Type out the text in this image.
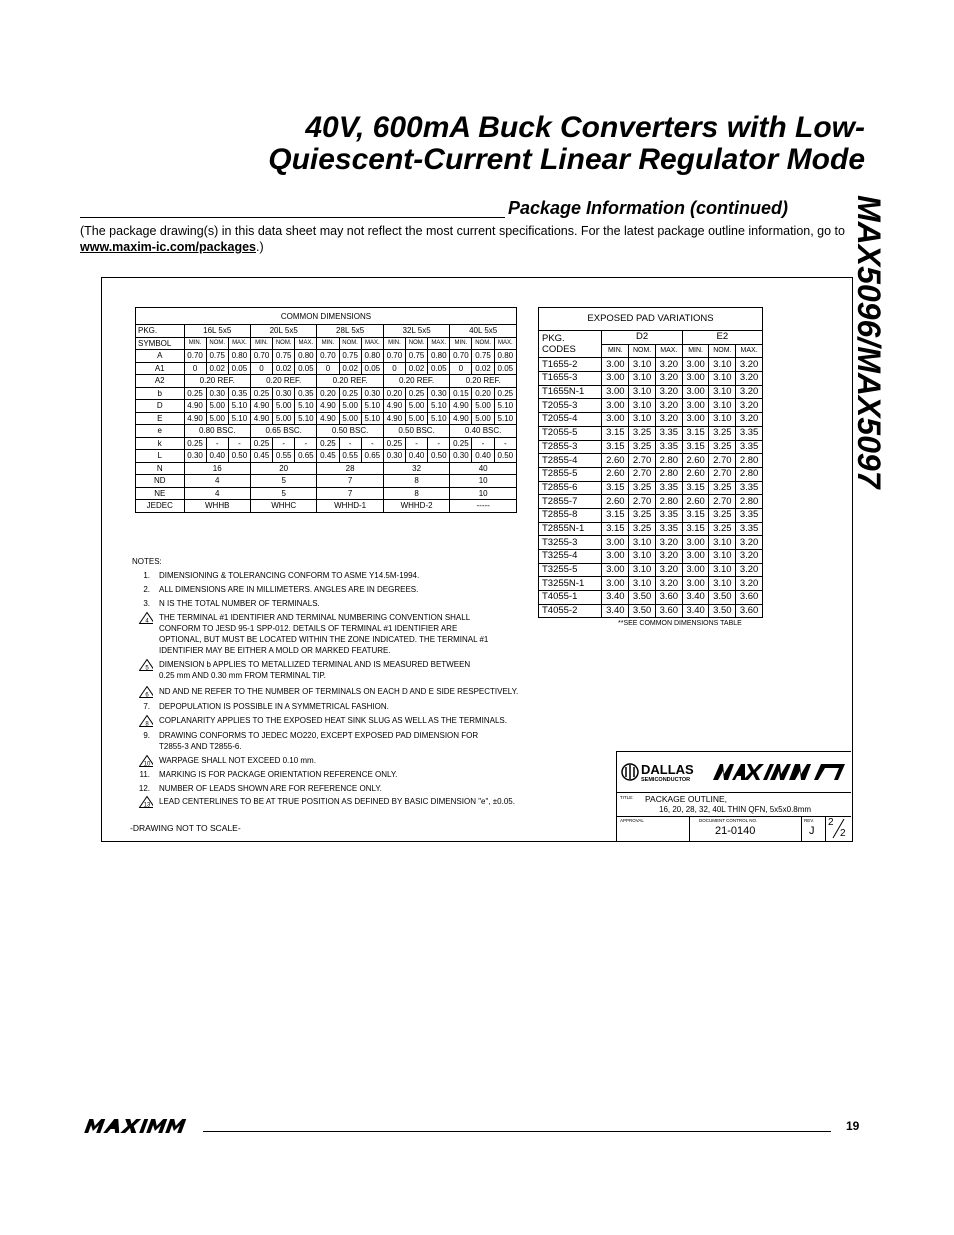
40V, 600mA Buck Converters with Low-
Quiescent-Current Linear Regulator Mode
MAX5096/MAX5097
Package Information (continued)
(The package drawing(s) in this data sheet may not reflect the most current specifications. For the latest package outline information, go to www.maxim-ic.com/packages.)
COMMON DIMENSIONS															
PKG.	16L 5x5			20L 5x5			28L 5x5			32L 5x5			40L 5x5		
SYMBOL	MIN.	NOM.	MAX.	MIN.	NOM.	MAX.	MIN.	NOM.	MAX.	MIN.	NOM.	MAX.	MIN.	NOM.	MAX.
A	0.70	0.75	0.80	0.70	0.75	0.80	0.70	0.75	0.80	0.70	0.75	0.80	0.70	0.75	0.80
A1	0	0.02	0.05	0	0.02	0.05	0	0.02	0.05	0	0.02	0.05	0	0.02	0.05
A2	0.20 REF.			0.20 REF.			0.20 REF.			0.20 REF.			0.20 REF.		
b	0.25	0.30	0.35	0.25	0.30	0.35	0.20	0.25	0.30	0.20	0.25	0.30	0.15	0.20	0.25
D	4.90	5.00	5.10	4.90	5.00	5.10	4.90	5.00	5.10	4.90	5.00	5.10	4.90	5.00	5.10
E	4.90	5.00	5.10	4.90	5.00	5.10	4.90	5.00	5.10	4.90	5.00	5.10	4.90	5.00	5.10
e	0.80 BSC.			0.65 BSC.			0.50 BSC.			0.50 BSC.			0.40 BSC.		
k	0.25	-	-	0.25	-	-	0.25	-	-	0.25	-	-	0.25	-	-
L	0.30	0.40	0.50	0.45	0.55	0.65	0.45	0.55	0.65	0.30	0.40	0.50	0.30	0.40	0.50
N	16			20			28			32			40		
ND	4			5			7			8			10		
NE	4			5			7			8			10		
JEDEC	WHHB			WHHC			WHHD-1			WHHD-2			-----		
EXPOSED PAD VARIATIONS						

PKG.
CODES	D2			E2		
	MIN.	NOM.	MAX.	MIN.	NOM.	MAX.
T1655-2	3.00	3.10	3.20	3.00	3.10	3.20
T1655-3	3.00	3.10	3.20	3.00	3.10	3.20
T1655N-1	3.00	3.10	3.20	3.00	3.10	3.20
T2055-3	3.00	3.10	3.20	3.00	3.10	3.20
T2055-4	3.00	3.10	3.20	3.00	3.10	3.20
T2055-5	3.15	3.25	3.35	3.15	3.25	3.35
T2855-3	3.15	3.25	3.35	3.15	3.25	3.35
T2855-4	2.60	2.70	2.80	2.60	2.70	2.80
T2855-5	2.60	2.70	2.80	2.60	2.70	2.80
T2855-6	3.15	3.25	3.35	3.15	3.25	3.35
T2855-7	2.60	2.70	2.80	2.60	2.70	2.80
T2855-8	3.15	3.25	3.35	3.15	3.25	3.35
T2855N-1	3.15	3.25	3.35	3.15	3.25	3.35
T3255-3	3.00	3.10	3.20	3.00	3.10	3.20
T3255-4	3.00	3.10	3.20	3.00	3.10	3.20
T3255-5	3.00	3.10	3.20	3.00	3.10	3.20
T3255N-1	3.00	3.10	3.20	3.00	3.10	3.20
T4055-1	3.40	3.50	3.60	3.40	3.50	3.60
T4055-2	3.40	3.50	3.60	3.40	3.50	3.60
**SEE COMMON DIMENSIONS TABLE
NOTES:
1. DIMENSIONING & TOLERANCING CONFORM TO ASME Y14.5M-1994.
2. ALL DIMENSIONS ARE IN MILLIMETERS. ANGLES ARE IN DEGREES.
3. N IS THE TOTAL NUMBER OF TERMINALS.
4 THE TERMINAL #1 IDENTIFIER AND TERMINAL NUMBERING CONVENTION SHALL
CONFORM TO JESD 95-1 SPP-012. DETAILS OF TERMINAL #1 IDENTIFIER ARE
OPTIONAL, BUT MUST BE LOCATED WITHIN THE ZONE INDICATED. THE TERMINAL #1
IDENTIFIER MAY BE EITHER A MOLD OR MARKED FEATURE.
5 DIMENSION b APPLIES TO METALLIZED TERMINAL AND IS MEASURED BETWEEN
0.25 mm AND 0.30 mm FROM TERMINAL TIP.
6 ND AND NE REFER TO THE NUMBER OF TERMINALS ON EACH D AND E SIDE RESPECTIVELY.
7. DEPOPULATION IS POSSIBLE IN A SYMMETRICAL FASHION.
8 COPLANARITY APPLIES TO THE EXPOSED HEAT SINK SLUG AS WELL AS THE TERMINALS.
9. DRAWING CONFORMS TO JEDEC MO220, EXCEPT EXPOSED PAD DIMENSION FOR
T2855-3 AND T2855-6.
10 WARPAGE SHALL NOT EXCEED 0.10 mm.
11. MARKING IS FOR PACKAGE ORIENTATION REFERENCE ONLY.
12. NUMBER OF LEADS SHOWN ARE FOR REFERENCE ONLY.
13 LEAD CENTERLINES TO BE AT TRUE POSITION AS DEFINED BY BASIC DIMENSION "e", ±0.05.
-DRAWING NOT TO SCALE-
DALLAS
SEMICONDUCTOR
TITLE: PACKAGE OUTLINE,
16, 20, 28, 32, 40L THIN QFN, 5x5x0.8mm
APPROVAL	DOCUMENT CONTROL NO.
21-0140
REV.
J
2
2
MAXIM
19
